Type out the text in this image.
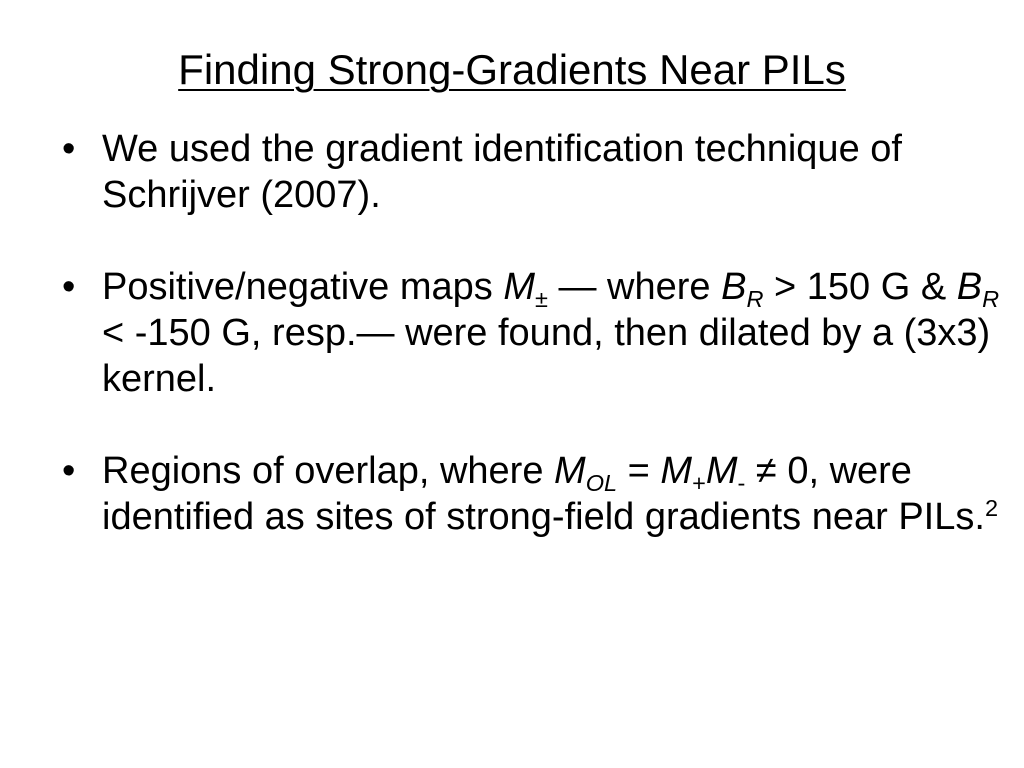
Finding Strong-Gradients Near PILs
• We used the gradient identification technique of Schrijver (2007).
• Positive/negative maps $M_\pm$ — where $B_R > 150$ G & $B_R < -150$ G, resp.— were found, then dilated by a (3x3) kernel.
• Regions of overlap, where $M_{OL} = M_+M_- \ne 0$, were identified as sites of strong-field gradients near PILs.$^2$
